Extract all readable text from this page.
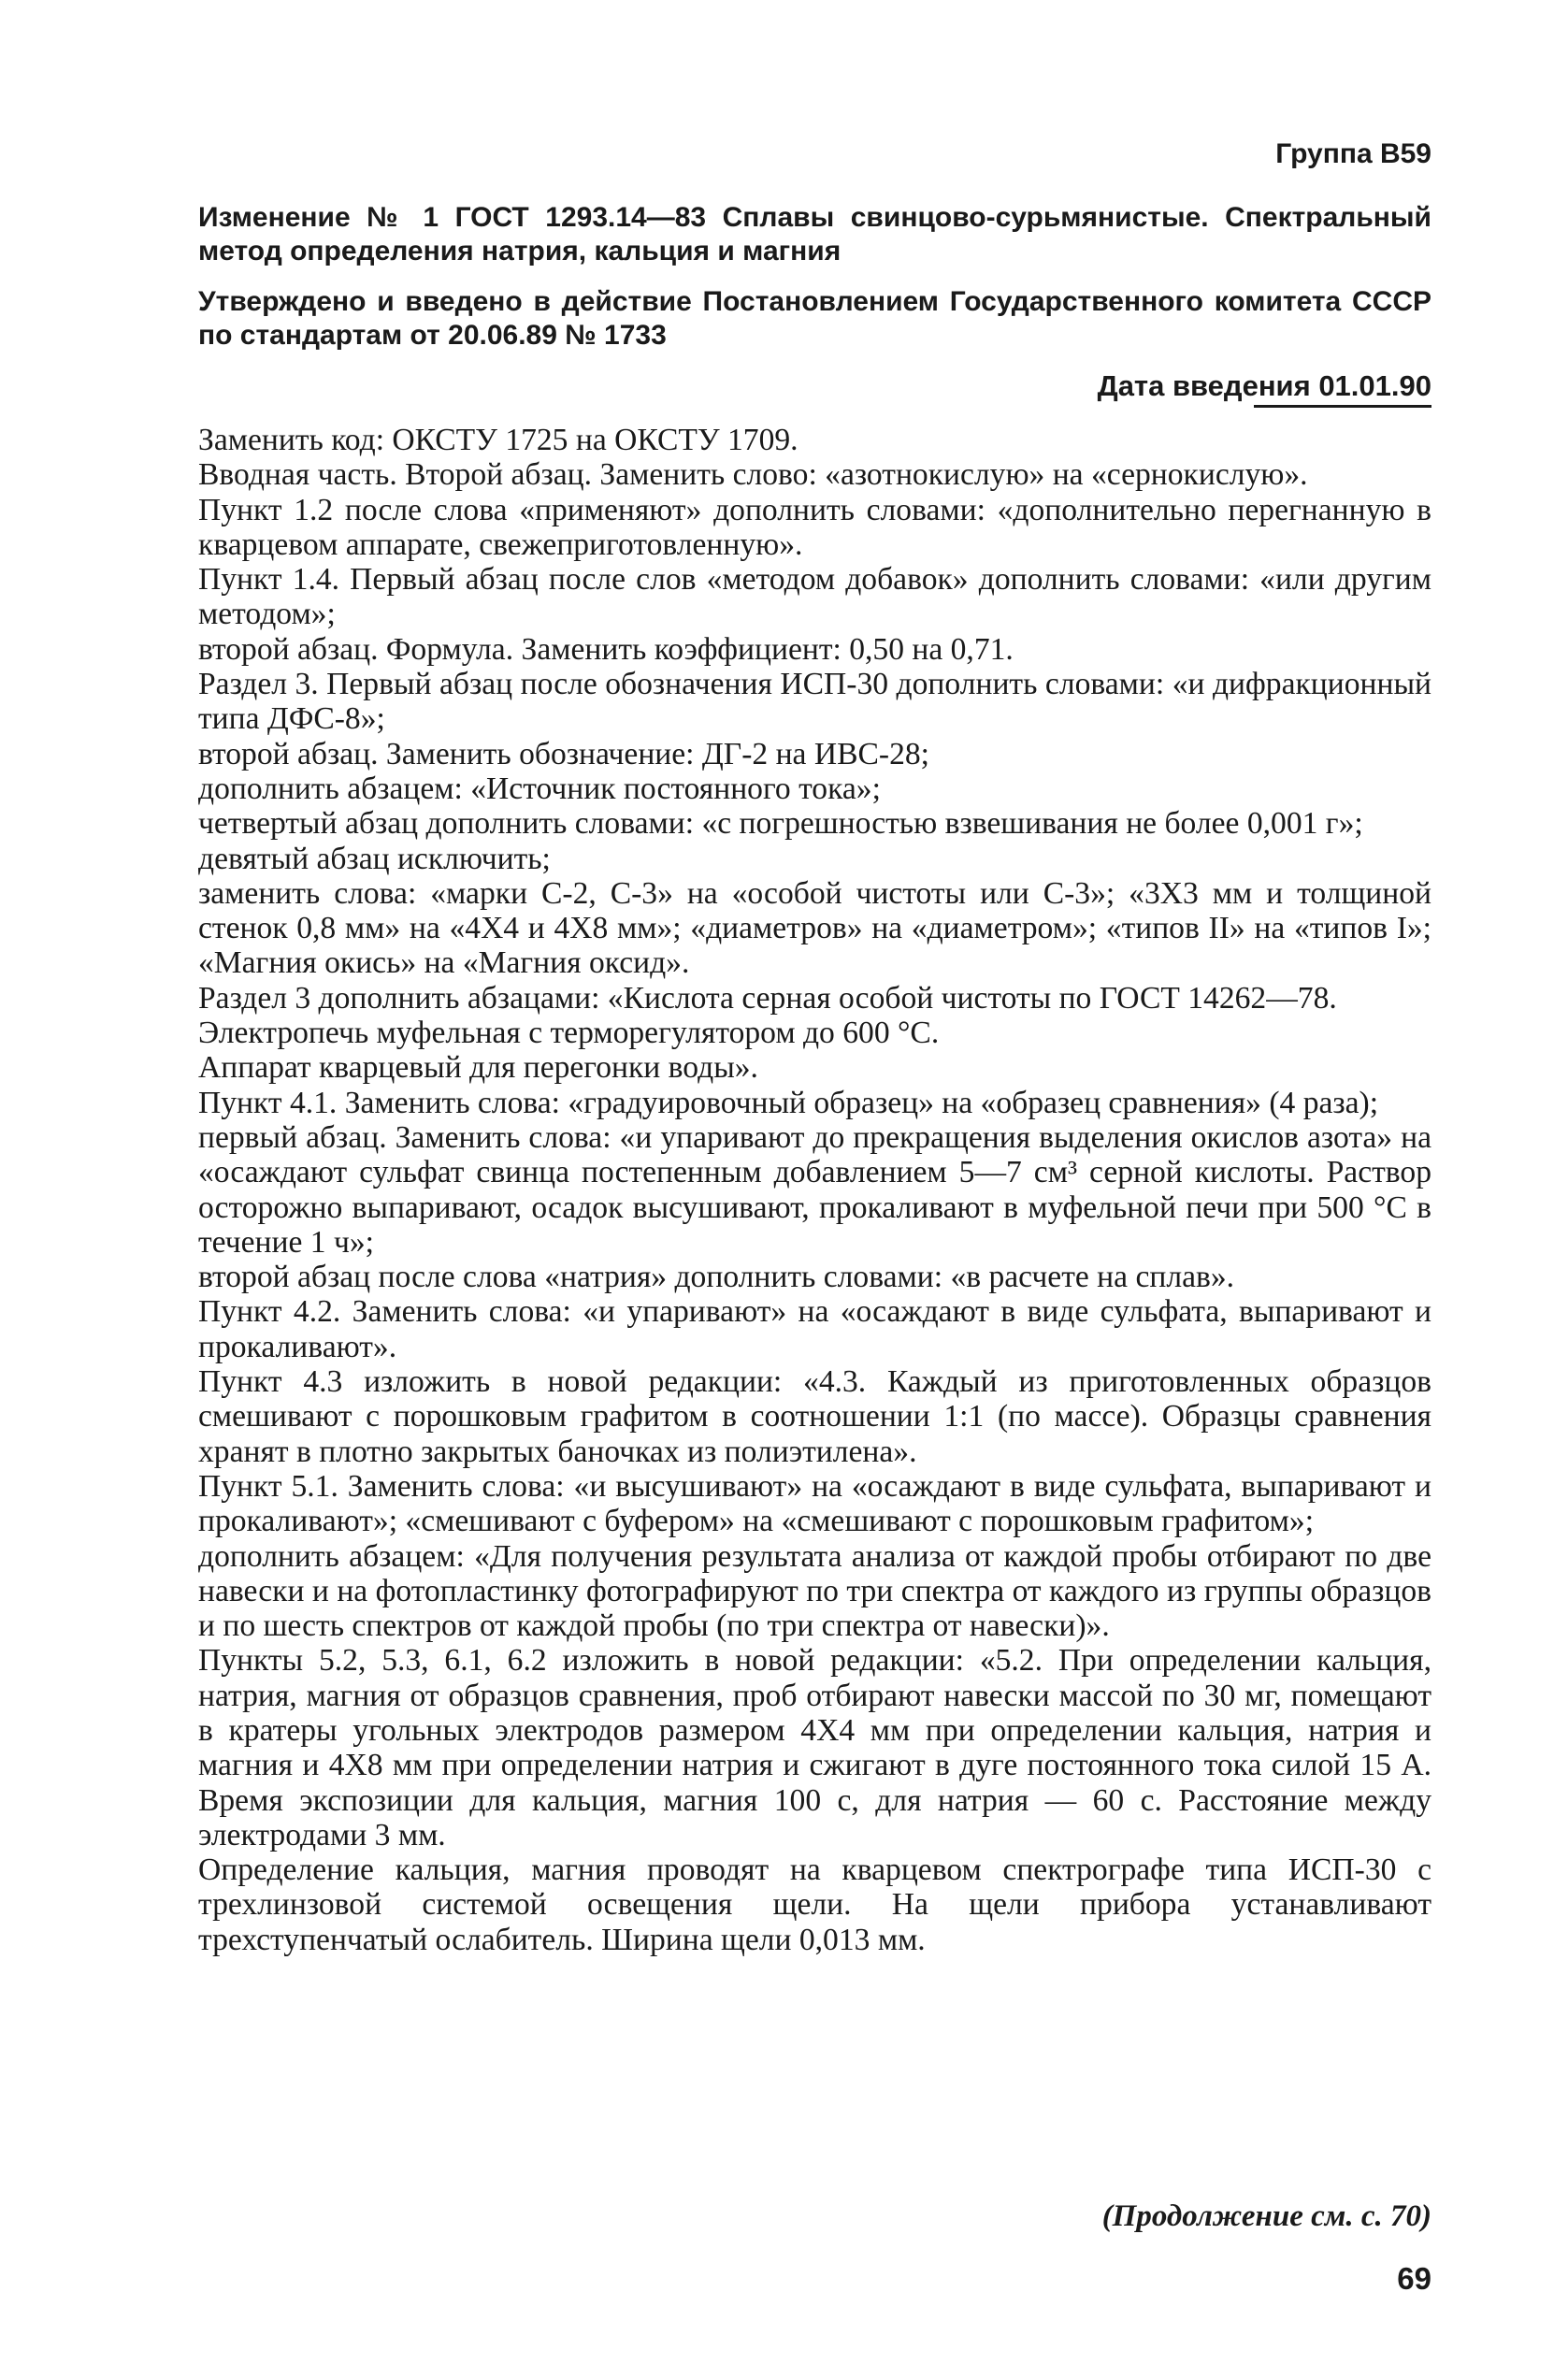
Группа В59

Изменение № 1 ГОСТ 1293.14—83 Сплавы свинцово-сурьмянистые. Спектральный метод определения натрия, кальция и магния

Утверждено и введено в действие Постановлением Государственного комитета СССР по стандартам от 20.06.89 № 1733

Дата введения 01.01.90

Заменить код: ОКСТУ 1725 на ОКСТУ 1709.

Вводная часть. Второй абзац. Заменить слово: «азотнокислую» на «сернокислую».

Пункт 1.2 после слова «применяют» дополнить словами: «дополнительно перегнанную в кварцевом аппарате, свежеприготовленную».

Пункт 1.4. Первый абзац после слов «методом добавок» дополнить словами: «или другим методом»;

второй абзац. Формула. Заменить коэффициент: 0,50 на 0,71.

Раздел 3. Первый абзац после обозначения ИСП-30 дополнить словами: «и дифракционный типа ДФС-8»;

второй абзац. Заменить обозначение: ДГ-2 на ИВС-28;

дополнить абзацем: «Источник постоянного тока»;

четвертый абзац дополнить словами: «с погрешностью взвешивания не более 0,001 г»;

девятый абзац исключить;

заменить слова: «марки С-2, С-3» на «особой чистоты или С-3»; «3Х3 мм и толщиной стенок 0,8 мм» на «4Х4 и 4Х8 мм»; «диаметров» на «диаметром»; «типов II» на «типов I»; «Магния окись» на «Магния оксид».

Раздел 3 дополнить абзацами: «Кислота серная особой чистоты по ГОСТ 14262—78.

Электропечь муфельная с терморегулятором до 600 °С.

Аппарат кварцевый для перегонки воды».

Пункт 4.1. Заменить слова: «градуировочный образец» на «образец сравнения» (4 раза);

первый абзац. Заменить слова: «и упаривают до прекращения выделения окислов азота» на «осаждают сульфат свинца постепенным добавлением 5—7 см³ серной кислоты. Раствор осторожно выпаривают, осадок высушивают, прокаливают в муфельной печи при 500 °С в течение 1 ч»;

второй абзац после слова «натрия» дополнить словами: «в расчете на сплав».

Пункт 4.2. Заменить слова: «и упаривают» на «осаждают в виде сульфата, выпаривают и прокаливают».

Пункт 4.3 изложить в новой редакции: «4.3. Каждый из приготовленных образцов смешивают с порошковым графитом в соотношении 1:1 (по массе). Образцы сравнения хранят в плотно закрытых баночках из полиэтилена».

Пункт 5.1. Заменить слова: «и высушивают» на «осаждают в виде сульфата, выпаривают и прокаливают»; «смешивают с буфером» на «смешивают с порошковым графитом»;

дополнить абзацем: «Для получения результата анализа от каждой пробы отбирают по две навески и на фотопластинку фотографируют по три спектра от каждого из группы образцов и по шесть спектров от каждой пробы (по три спектра от навески)».

Пункты 5.2, 5.3, 6.1, 6.2 изложить в новой редакции: «5.2. При определении кальция, натрия, магния от образцов сравнения, проб отбирают навески массой по 30 мг, помещают в кратеры угольных электродов размером 4Х4 мм при определении кальция, натрия и магния и 4Х8 мм при определении натрия и сжигают в дуге постоянного тока силой 15 А. Время экспозиции для кальция, магния 100 с, для натрия — 60 с. Расстояние между электродами 3 мм.

Определение кальция, магния проводят на кварцевом спектрографе типа ИСП-30 с трехлинзовой системой освещения щели. На щели прибора устанавливают трехступенчатый ослабитель. Ширина щели 0,013 мм.

(Продолжение см. с. 70)

69
